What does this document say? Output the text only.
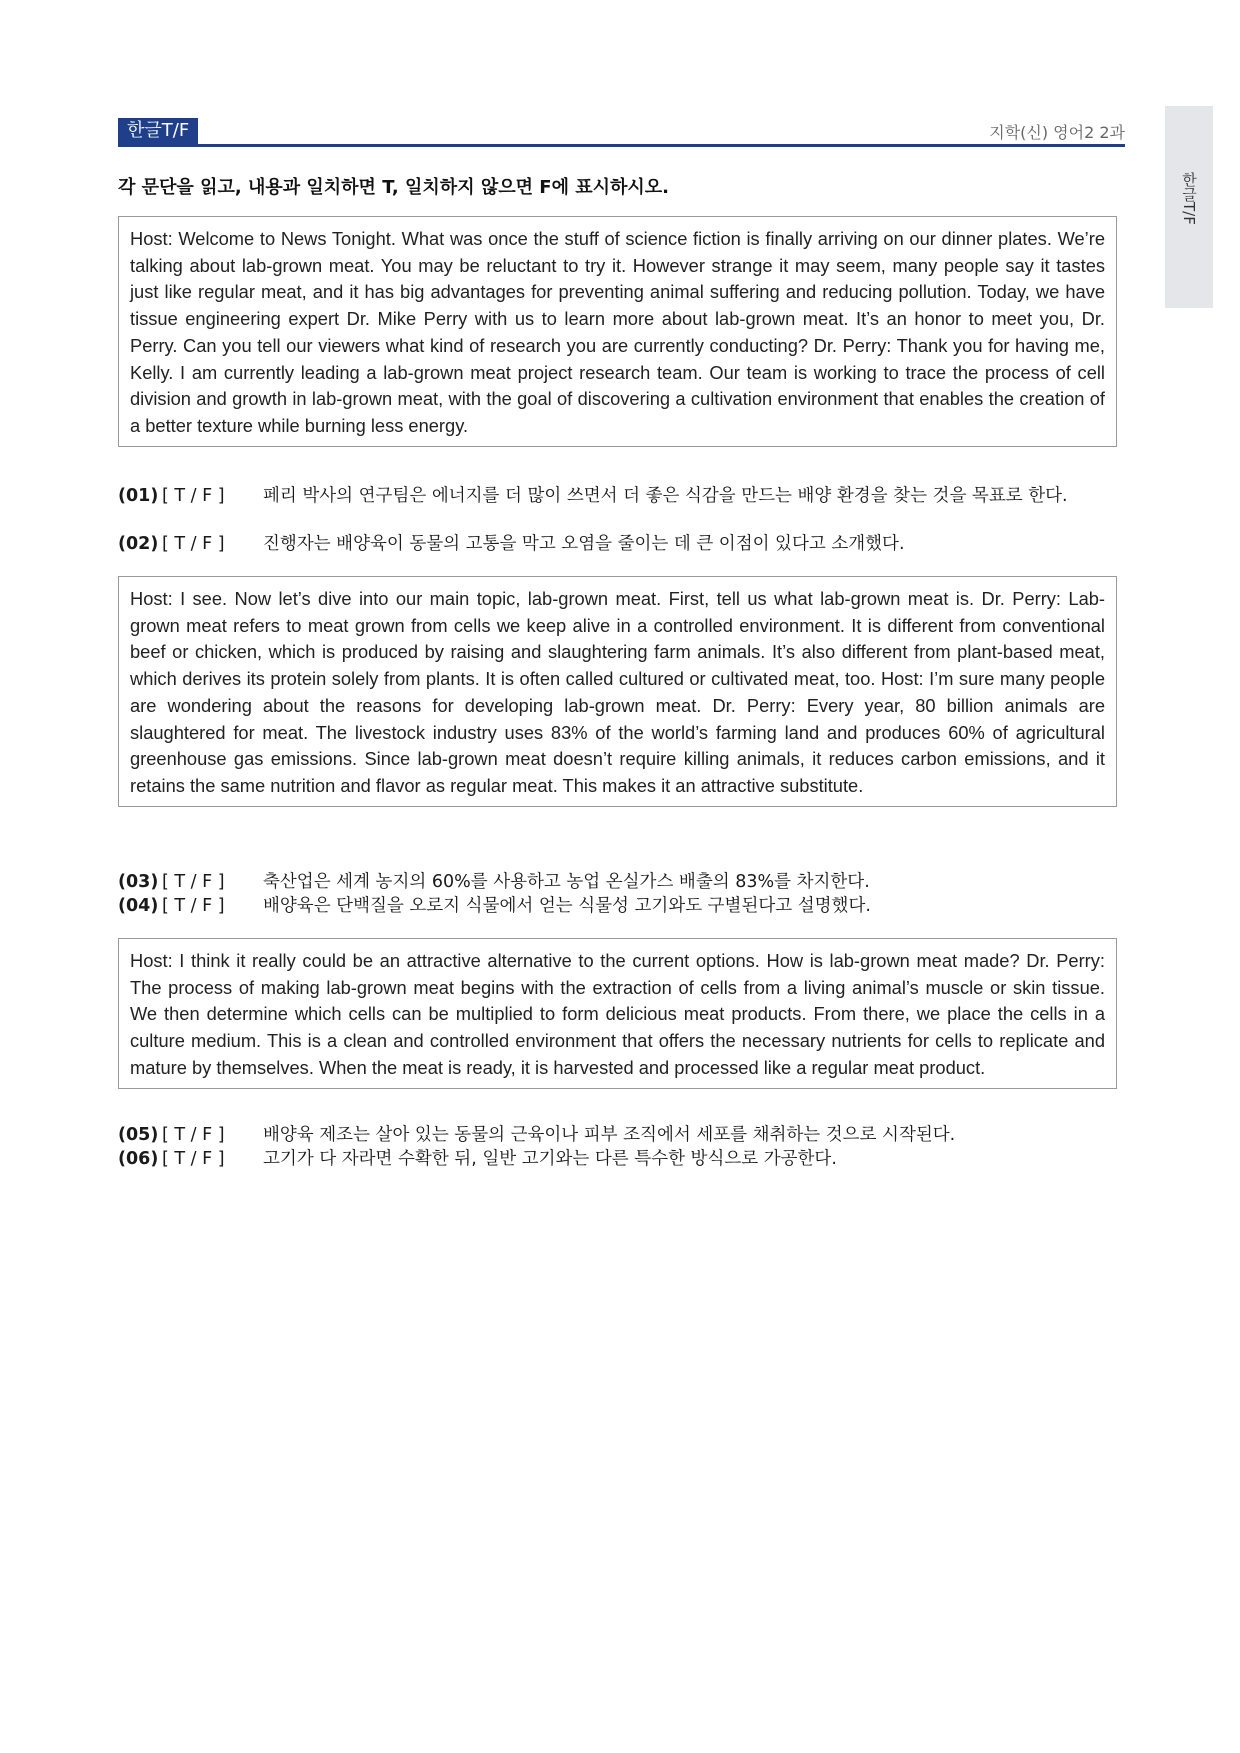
한글T/F	지학(신) 영어2 2과
한글T/F
각 문단을 읽고, 내용과 일치하면 T, 일치하지 않으면 F에 표시하시오.
Host: Welcome to News Tonight. What was once the stuff of science fiction is finally arriving on our dinner plates. We’re talking about lab-grown meat. You may be reluctant to try it. However strange it may seem, many people say it tastes just like regular meat, and it has big advantages for preventing animal suffering and reducing pollution. Today, we have tissue engineering expert Dr. Mike Perry with us to learn more about lab-grown meat. It’s an honor to meet you, Dr. Perry. Can you tell our viewers what kind of research you are currently conducting? Dr. Perry: Thank you for having me, Kelly. I am currently leading a lab-grown meat project research team. Our team is working to trace the process of cell division and growth in lab-grown meat, with the goal of discovering a cultivation environment that enables the creation of a better texture while burning less energy.
(01) [ T / F ] 페리 박사의 연구팀은 에너지를 더 많이 쓰면서 더 좋은 식감을 만드는 배양 환경을 찾는 것을 목표로 한다.
(02) [ T / F ] 진행자는 배양육이 동물의 고통을 막고 오염을 줄이는 데 큰 이점이 있다고 소개했다.
Host: I see. Now let’s dive into our main topic, lab-grown meat. First, tell us what lab-grown meat is. Dr. Perry: Lab-grown meat refers to meat grown from cells we keep alive in a controlled environment. It is different from conventional beef or chicken, which is produced by raising and slaughtering farm animals. It’s also different from plant-based meat, which derives its protein solely from plants. It is often called cultured or cultivated meat, too. Host: I’m sure many people are wondering about the reasons for developing lab-grown meat. Dr. Perry: Every year, 80 billion animals are slaughtered for meat. The livestock industry uses 83% of the world’s farming land and produces 60% of agricultural greenhouse gas emissions. Since lab-grown meat doesn’t require killing animals, it reduces carbon emissions, and it retains the same nutrition and flavor as regular meat. This makes it an attractive substitute.
(03) [ T / F ] 축산업은 세계 농지의 60%를 사용하고 농업 온실가스 배출의 83%를 차지한다.
(04) [ T / F ] 배양육은 단백질을 오로지 식물에서 얻는 식물성 고기와도 구별된다고 설명했다.
Host: I think it really could be an attractive alternative to the current options. How is lab-grown meat made? Dr. Perry: The process of making lab-grown meat begins with the extraction of cells from a living animal’s muscle or skin tissue. We then determine which cells can be multiplied to form delicious meat products. From there, we place the cells in a culture medium. This is a clean and controlled environment that offers the necessary nutrients for cells to replicate and mature by themselves. When the meat is ready, it is harvested and processed like a regular meat product.
(05) [ T / F ] 배양육 제조는 살아 있는 동물의 근육이나 피부 조직에서 세포를 채취하는 것으로 시작된다.
(06) [ T / F ] 고기가 다 자라면 수확한 뒤, 일반 고기와는 다른 특수한 방식으로 가공한다.
